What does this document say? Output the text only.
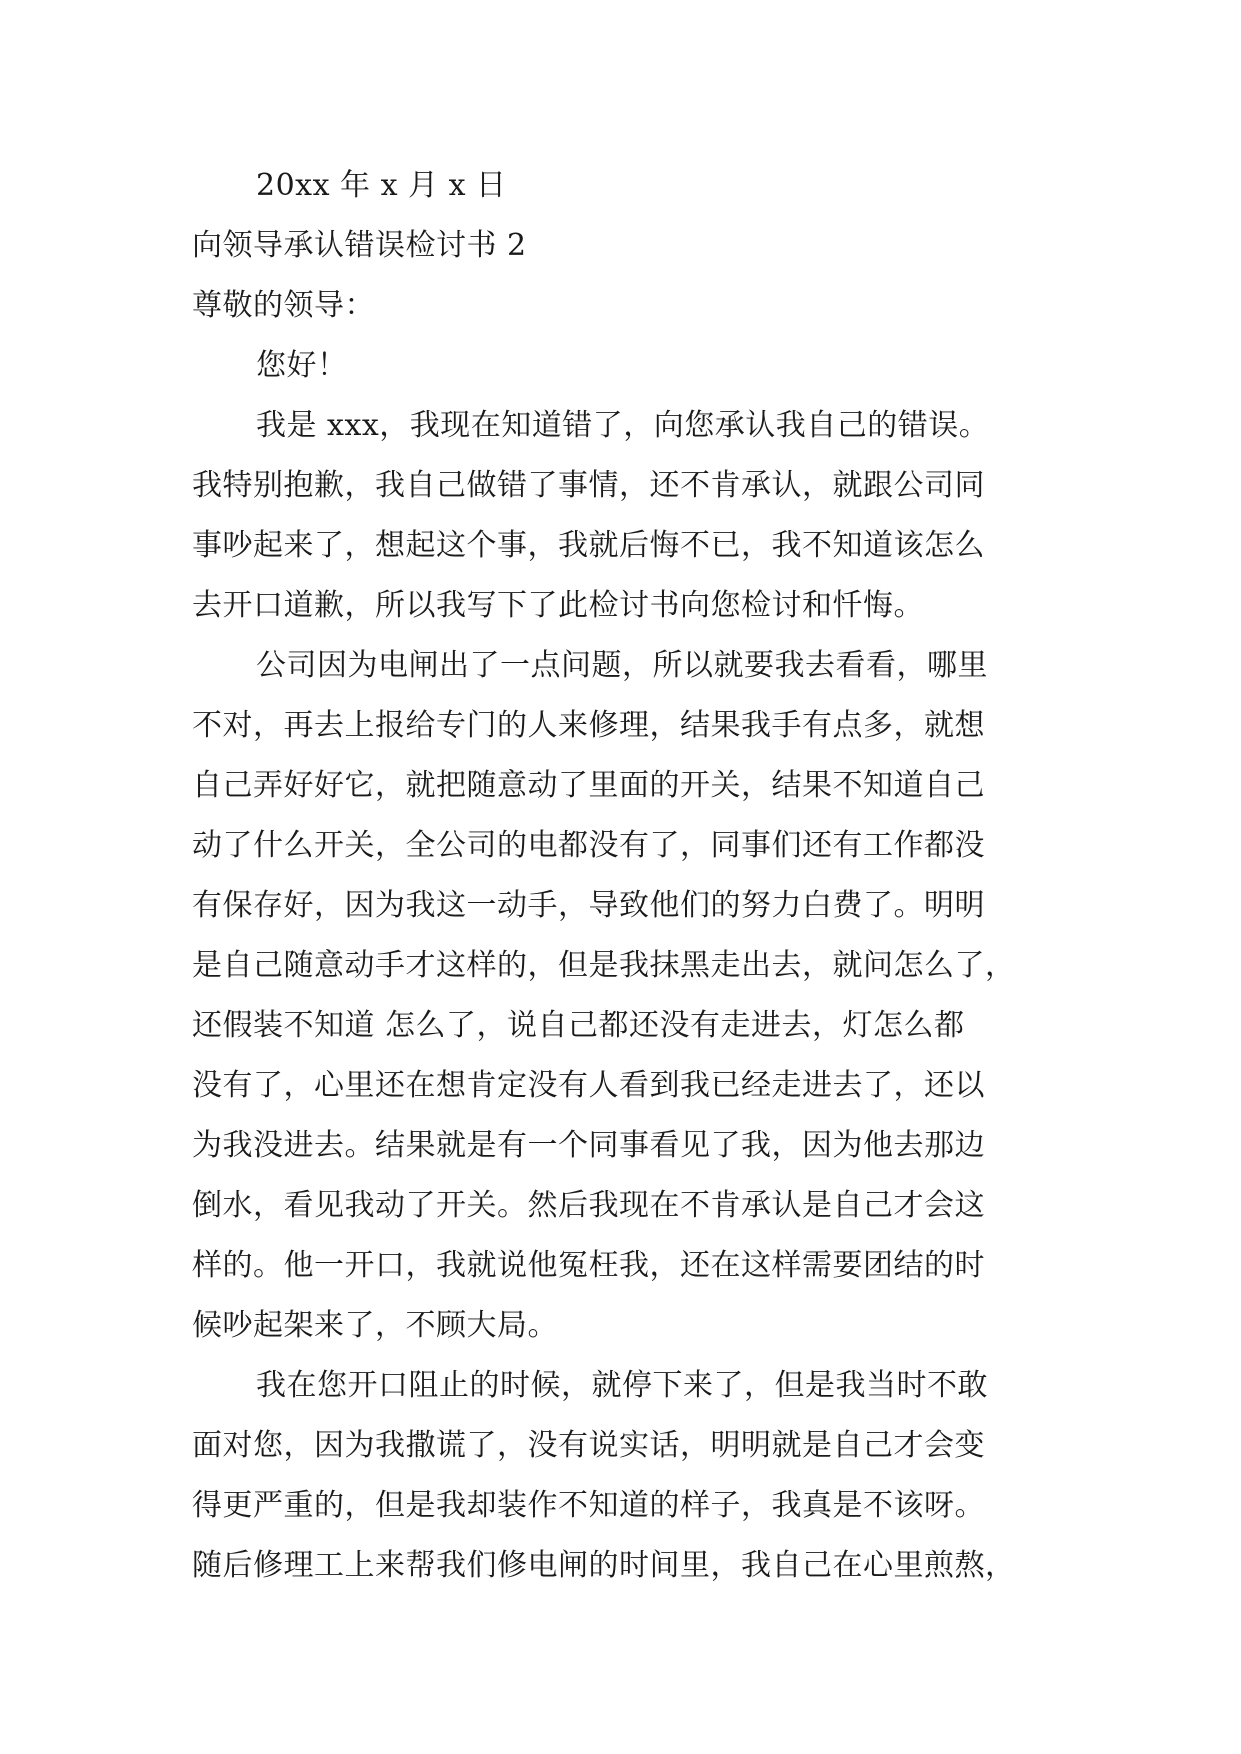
20xx 年 x 月 x 日
向领导承认错误检讨书 2
尊敬的领导：
您好！
我是 xxx，我现在知道错了，向您承认我自己的错误。
我特别抱歉，我自己做错了事情，还不肯承认，就跟公司同
事吵起来了，想起这个事，我就后悔不已，我不知道该怎么
去开口道歉，所以我写下了此检讨书向您检讨和忏悔。
公司因为电闸出了一点问题，所以就要我去看看，哪里
不对，再去上报给专门的人来修理，结果我手有点多，就想
自己弄好好它，就把随意动了里面的开关，结果不知道自己
动了什么开关，全公司的电都没有了，同事们还有工作都没
有保存好，因为我这一动手，导致他们的努力白费了。明明
是自己随意动手才这样的，但是我抹黑走出去，就问怎么了，
还假装不知道 怎么了，说自己都还没有走进去，灯怎么都
没有了，心里还在想肯定没有人看到我已经走进去了，还以
为我没进去。结果就是有一个同事看见了我，因为他去那边
倒水，看见我动了开关。然后我现在不肯承认是自己才会这
样的。他一开口，我就说他冤枉我，还在这样需要团结的时
候吵起架来了，不顾大局。
我在您开口阻止的时候，就停下来了，但是我当时不敢
面对您，因为我撒谎了，没有说实话，明明就是自己才会变
得更严重的，但是我却装作不知道的样子，我真是不该呀。
随后修理工上来帮我们修电闸的时间里，我自己在心里煎熬，
